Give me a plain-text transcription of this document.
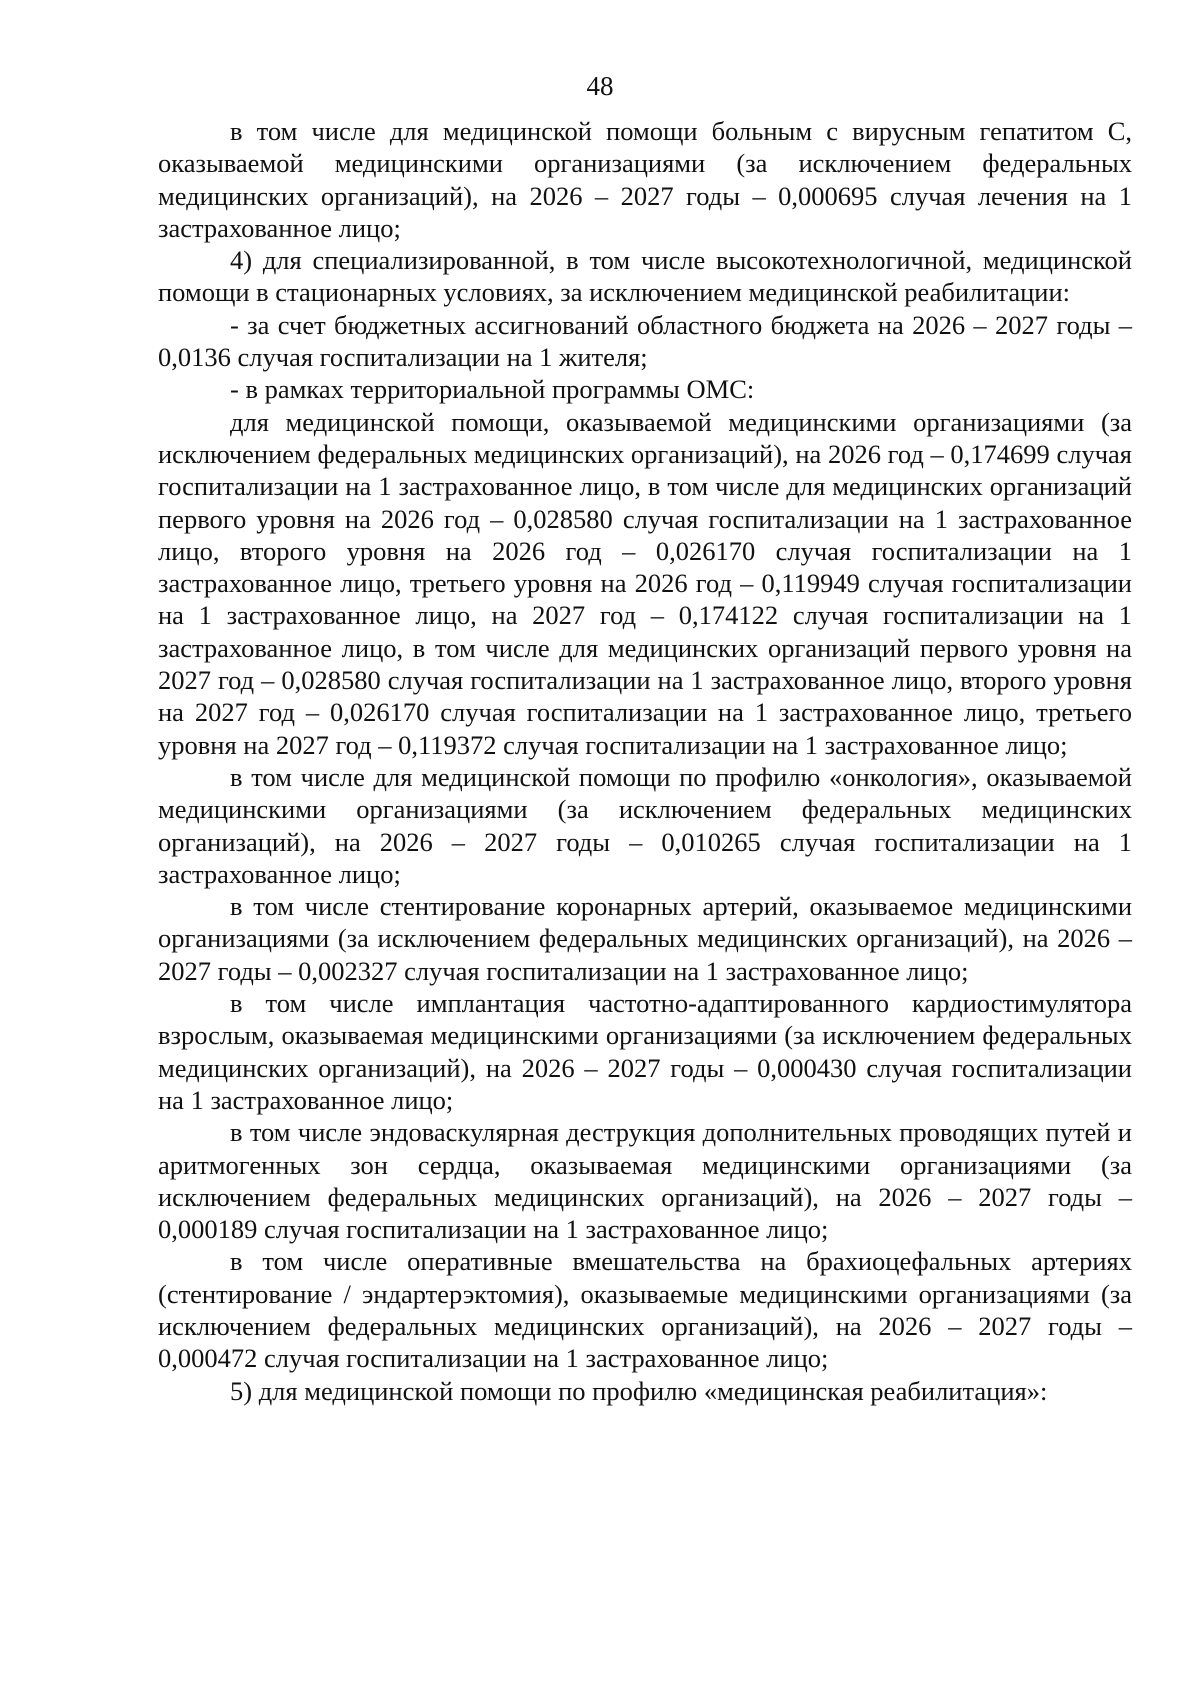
48

в том числе для медицинской помощи больным с вирусным гепатитом С, оказываемой медицинскими организациями (за исключением федеральных медицинских организаций), на 2026 – 2027 годы – 0,000695 случая лечения на 1 застрахованное лицо;

4) для специализированной, в том числе высокотехнологичной, медицинской помощи в стационарных условиях, за исключением медицинской реабилитации:

- за счет бюджетных ассигнований областного бюджета на 2026 – 2027 годы – 0,0136 случая госпитализации на 1 жителя;

- в рамках территориальной программы ОМС:

для медицинской помощи, оказываемой медицинскими организациями (за исключением федеральных медицинских организаций), на 2026 год – 0,174699 случая госпитализации на 1 застрахованное лицо, в том числе для медицинских организаций первого уровня на 2026 год – 0,028580 случая госпитализации на 1 застрахованное лицо, второго уровня на 2026 год – 0,026170 случая госпитализации на 1 застрахованное лицо, третьего уровня на 2026 год – 0,119949 случая госпитализации на 1 застрахованное лицо, на 2027 год – 0,174122 случая госпитализации на 1 застрахованное лицо, в том числе для медицинских организаций первого уровня на 2027 год – 0,028580 случая госпитализации на 1 застрахованное лицо, второго уровня на 2027 год – 0,026170 случая госпитализации на 1 застрахованное лицо, третьего уровня на 2027 год – 0,119372 случая госпитализации на 1 застрахованное лицо;

в том числе для медицинской помощи по профилю «онкология», оказываемой медицинскими организациями (за исключением федеральных медицинских организаций), на 2026 – 2027 годы – 0,010265 случая госпитализации на 1 застрахованное лицо;

в том числе стентирование коронарных артерий, оказываемое медицинскими организациями (за исключением федеральных медицинских организаций), на 2026 – 2027 годы – 0,002327 случая госпитализации на 1 застрахованное лицо;

в том числе имплантация частотно-адаптированного кардиостимулятора взрослым, оказываемая медицинскими организациями (за исключением федеральных медицинских организаций), на 2026 – 2027 годы – 0,000430 случая госпитализации на 1 застрахованное лицо;

в том числе эндоваскулярная деструкция дополнительных проводящих путей и аритмогенных зон сердца, оказываемая медицинскими организациями (за исключением федеральных медицинских организаций), на 2026 – 2027 годы – 0,000189 случая госпитализации на 1 застрахованное лицо;

в том числе оперативные вмешательства на брахиоцефальных артериях (стентирование / эндартерэктомия), оказываемые медицинскими организациями (за исключением федеральных медицинских организаций), на 2026 – 2027 годы – 0,000472 случая госпитализации на 1 застрахованное лицо;

5) для медицинской помощи по профилю «медицинская реабилитация»:
